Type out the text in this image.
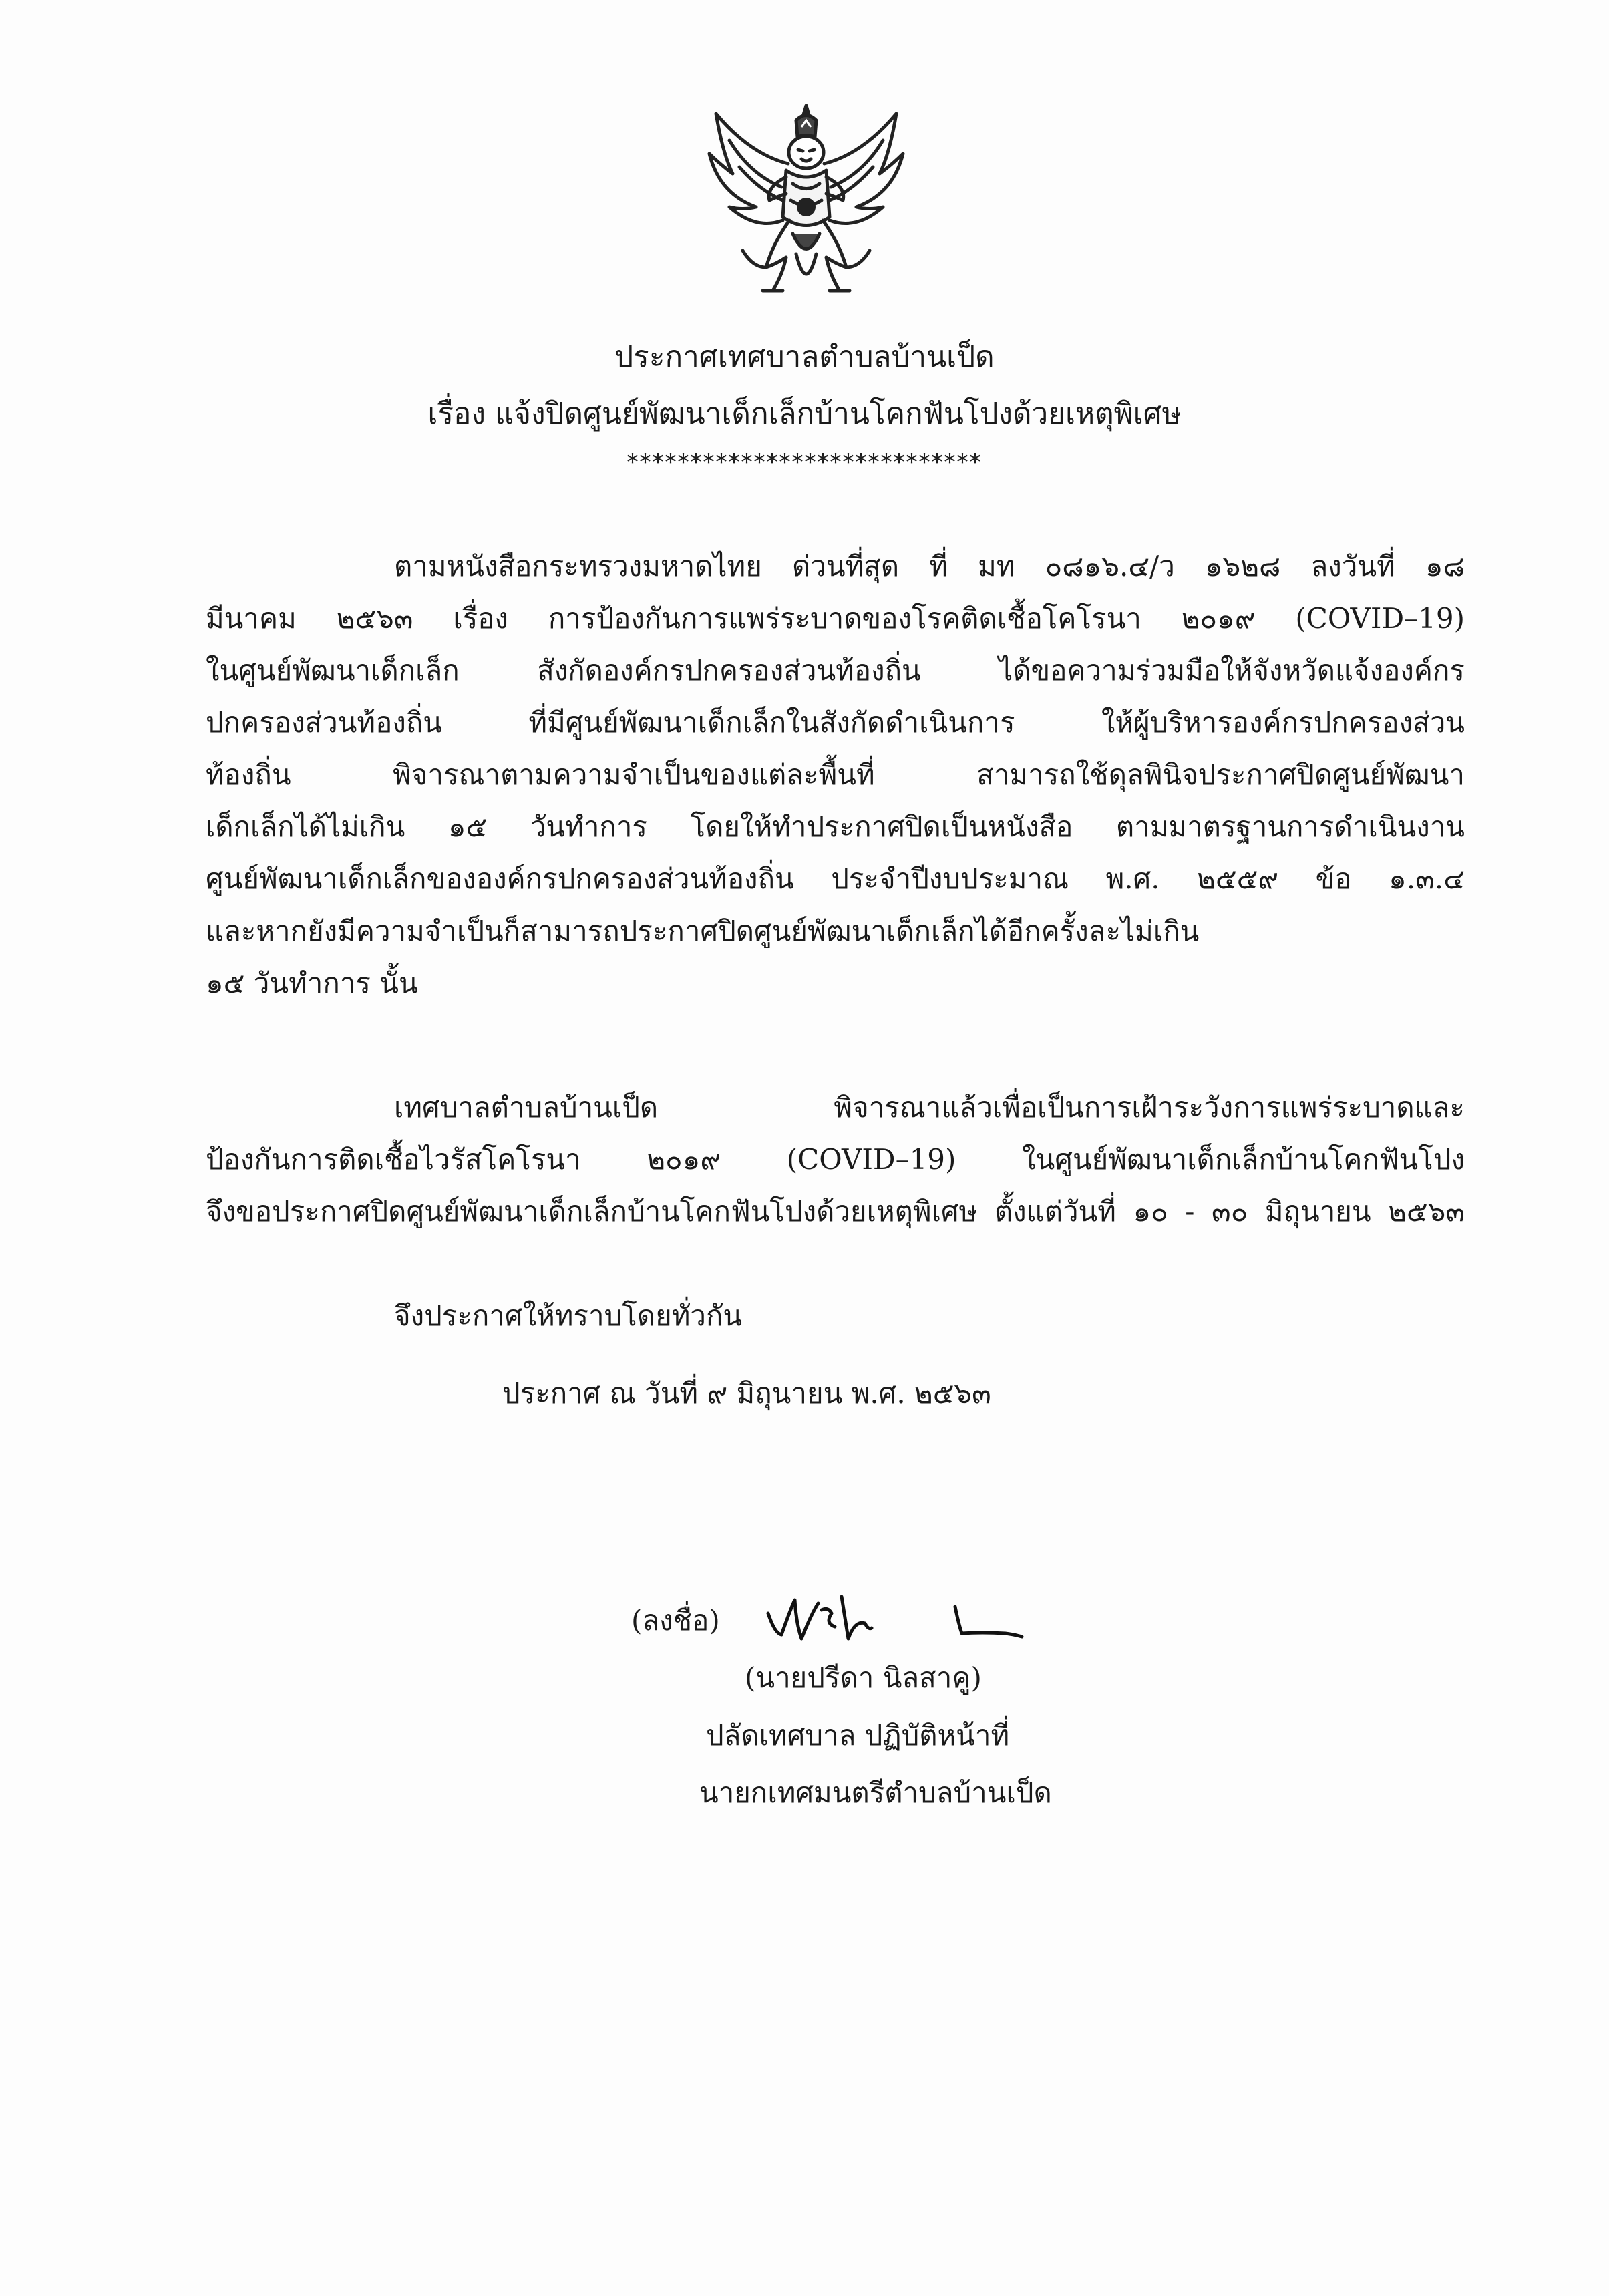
ประกาศเทศบาลตำบลบ้านเป็ด
เรื่อง แจ้งปิดศูนย์พัฒนาเด็กเล็กบ้านโคกฟันโปงด้วยเหตุพิเศษ
****************************
ตามหนังสือกระทรวงมหาดไทย ด่วนที่สุด ที่ มท ๐๘๑๖.๔/ว ๑๖๒๘ ลงวันที่ ๑๘
มีนาคม ๒๕๖๓ เรื่อง การป้องกันการแพร่ระบาดของโรคติดเชื้อโคโรนา ๒๐๑๙ (COVID–19)
ในศูนย์พัฒนาเด็กเล็ก สังกัดองค์กรปกครองส่วนท้องถิ่น ได้ขอความร่วมมือให้จังหวัดแจ้งองค์กร
ปกครองส่วนท้องถิ่น ที่มีศูนย์พัฒนาเด็กเล็กในสังกัดดำเนินการ ให้ผู้บริหารองค์กรปกครองส่วน
ท้องถิ่น พิจารณาตามความจำเป็นของแต่ละพื้นที่ สามารถใช้ดุลพินิจประกาศปิดศูนย์พัฒนา
เด็กเล็กได้ไม่เกิน ๑๕ วันทำการ โดยให้ทำประกาศปิดเป็นหนังสือ ตามมาตรฐานการดำเนินงาน
ศูนย์พัฒนาเด็กเล็กขององค์กรปกครองส่วนท้องถิ่น ประจำปีงบประมาณ พ.ศ. ๒๕๕๙ ข้อ ๑.๓.๔
และหากยังมีความจำเป็นก็สามารถประกาศปิดศูนย์พัฒนาเด็กเล็กได้อีกครั้งละไม่เกิน
๑๕ วันทำการ นั้น
เทศบาลตำบลบ้านเป็ด พิจารณาแล้วเพื่อเป็นการเฝ้าระวังการแพร่ระบาดและ
ป้องกันการติดเชื้อไวรัสโคโรนา ๒๐๑๙ (COVID–19) ในศูนย์พัฒนาเด็กเล็กบ้านโคกฟันโปง
จึงขอประกาศปิดศูนย์พัฒนาเด็กเล็กบ้านโคกฟันโปงด้วยเหตุพิเศษ ตั้งแต่วันที่ ๑๐ - ๓๐ มิถุนายน ๒๕๖๓
จึงประกาศให้ทราบโดยทั่วกัน
ประกาศ ณ วันที่ ๙ มิถุนายน พ.ศ. ๒๕๖๓
(ลงชื่อ)
(นายปรีดา นิลสาคู)
ปลัดเทศบาล ปฏิบัติหน้าที่
นายกเทศมนตรีตำบลบ้านเป็ด
